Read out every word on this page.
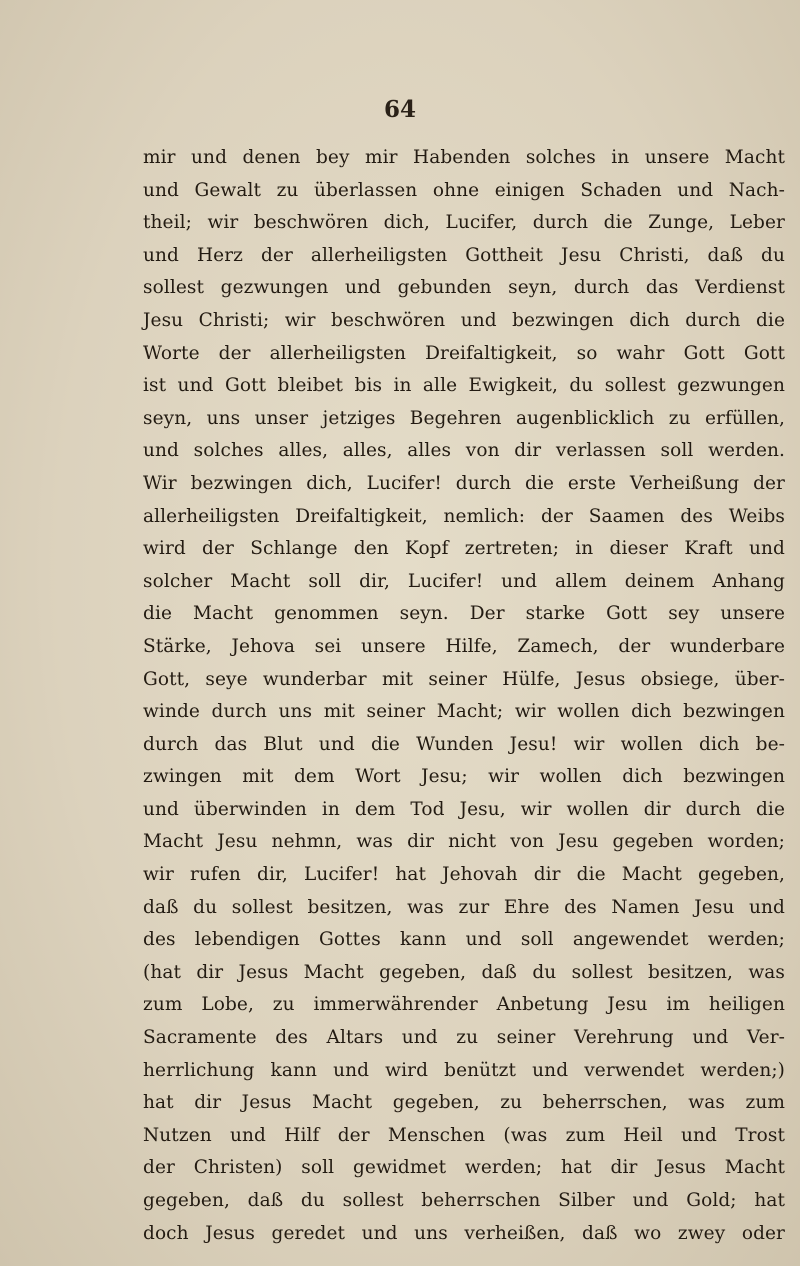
64
mir und denen bey mir Habenden solches in unsere Macht
und Gewalt zu überlassen ohne einigen Schaden und Nach-
theil; wir beschwören dich, Lucifer, durch die Zunge, Leber
und Herz der allerheiligsten Gottheit Jesu Christi, daß du
sollest gezwungen und gebunden seyn, durch das Verdienst
Jesu Christi; wir beschwören und bezwingen dich durch die
Worte der allerheiligsten Dreifaltigkeit, so wahr Gott Gott
ist und Gott bleibet bis in alle Ewigkeit, du sollest gezwungen
seyn, uns unser jetziges Begehren augenblicklich zu erfüllen,
und solches alles, alles, alles von dir verlassen soll werden.
Wir bezwingen dich, Lucifer! durch die erste Verheißung der
allerheiligsten Dreifaltigkeit, nemlich: der Saamen des Weibs
wird der Schlange den Kopf zertreten; in dieser Kraft und
solcher Macht soll dir, Lucifer! und allem deinem Anhang
die Macht genommen seyn. Der starke Gott sey unsere
Stärke, Jehova sei unsere Hilfe, Zamech, der wunderbare
Gott, seye wunderbar mit seiner Hülfe, Jesus obsiege, über-
winde durch uns mit seiner Macht; wir wollen dich bezwingen
durch das Blut und die Wunden Jesu! wir wollen dich be-
zwingen mit dem Wort Jesu; wir wollen dich bezwingen
und überwinden in dem Tod Jesu, wir wollen dir durch die
Macht Jesu nehmn, was dir nicht von Jesu gegeben worden;
wir rufen dir, Lucifer! hat Jehovah dir die Macht gegeben,
daß du sollest besitzen, was zur Ehre des Namen Jesu und
des lebendigen Gottes kann und soll angewendet werden;
(hat dir Jesus Macht gegeben, daß du sollest besitzen, was
zum Lobe, zu immerwährender Anbetung Jesu im heiligen
Sacramente des Altars und zu seiner Verehrung und Ver-
herrlichung kann und wird benützt und verwendet werden;)
hat dir Jesus Macht gegeben, zu beherrschen, was zum
Nutzen und Hilf der Menschen (was zum Heil und Trost
der Christen) soll gewidmet werden; hat dir Jesus Macht
gegeben, daß du sollest beherrschen Silber und Gold; hat
doch Jesus geredet und uns verheißen, daß wo zwey oder
